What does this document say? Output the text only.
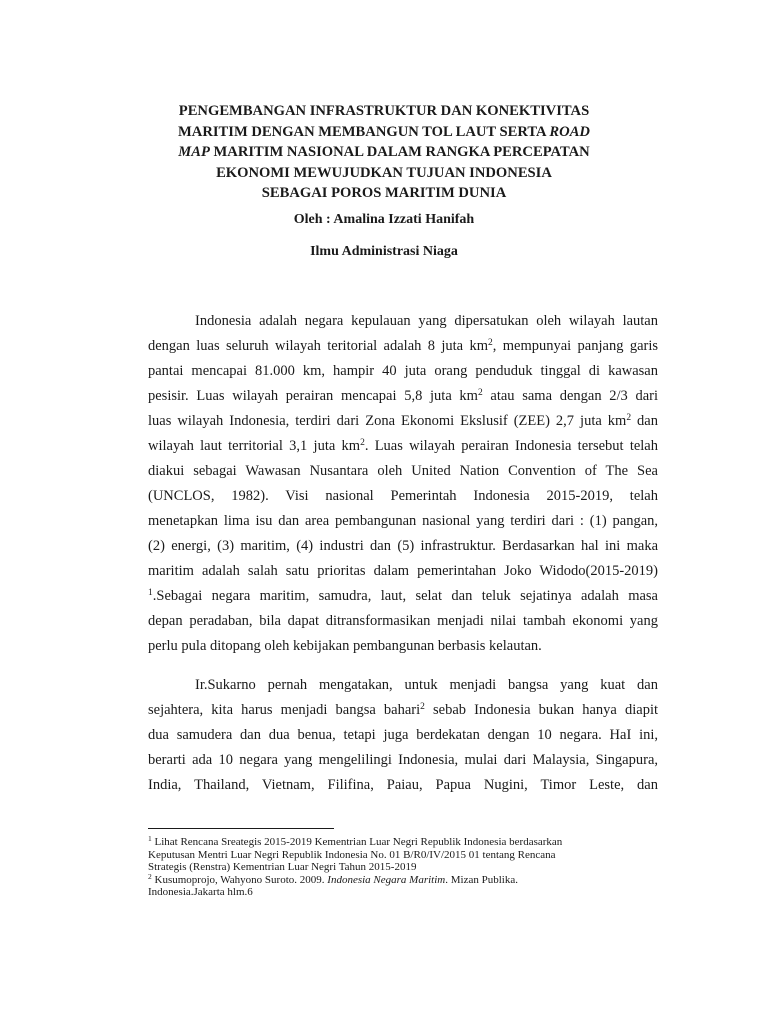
PENGEMBANGAN INFRASTRUKTUR DAN KONEKTIVITAS
MARITIM DENGAN MEMBANGUN TOL LAUT SERTA ROAD
MAP MARITIM NASIONAL DALAM RANGKA PERCEPATAN
EKONOMI MEWUJUDKAN TUJUAN INDONESIA
SEBAGAI POROS MARITIM DUNIA
Oleh : Amalina Izzati Hanifah
Ilmu Administrasi Niaga
Indonesia adalah negara kepulauan yang dipersatukan oleh wilayah lautan
dengan luas seluruh wilayah teritorial adalah 8 juta $km^2$, mempunyai panjang garis
pantai mencapai 81.000 km, hampir 40 juta orang penduduk tinggal di kawasan
pesisir. Luas wilayah perairan mencapai 5,8 juta $km^2$ atau sama dengan 2/3 dari
luas wilayah Indonesia, terdiri dari Zona Ekonomi Ekslusif (ZEE) 2,7 juta $km^2$ dan
wilayah laut territorial 3,1 juta $km^2$. Luas wilayah perairan Indonesia tersebut telah
diakui sebagai Wawasan Nusantara oleh United Nation Convention of The Sea
(UNCLOS, 1982). Visi nasional Pemerintah Indonesia 2015-2019, telah
menetapkan lima isu dan area pembangunan nasional yang terdiri dari : (1) pangan,
(2) energi, (3) maritim, (4) industri dan (5) infrastruktur. Berdasarkan hal ini maka
maritim adalah salah satu prioritas dalam pemerintahan Joko Widodo(2015-2019)
$^1$.Sebagai negara maritim, samudra, laut, selat dan teluk sejatinya adalah masa
depan peradaban, bila dapat ditransformasikan menjadi nilai tambah ekonomi yang
perlu pula ditopang oleh kebijakan pembangunan berbasis kelautan.
Ir.Sukarno pernah mengatakan, untuk menjadi bangsa yang kuat dan
sejahtera, kita harus menjadi bangsa bahari$^2$ sebab Indonesia bukan hanya diapit
dua samudera dan dua benua, tetapi juga berdekatan dengan 10 negara. HaI ini,
berarti ada 10 negara yang mengelilingi Indonesia, mulai dari Malaysia, Singapura,
India, Thailand, Vietnam, Filifina, Paiau, Papua Nugini, Timor Leste, dan
$^1$ Lihat Rencana Sreategis 2015-2019 Kementrian Luar Negri Republik Indonesia berdasarkan
Keputusan Mentri Luar Negri Republik Indonesia No. 01 B/R0/IV/2015 01 tentang Rencana
Strategis (Renstra) Kementrian Luar Negri Tahun 2015-2019
$^2$ Kusumoprojo, Wahyono Suroto. 2009. Indonesia Negara Maritim. Mizan Publika.
Indonesia.Jakarta hlm.6
